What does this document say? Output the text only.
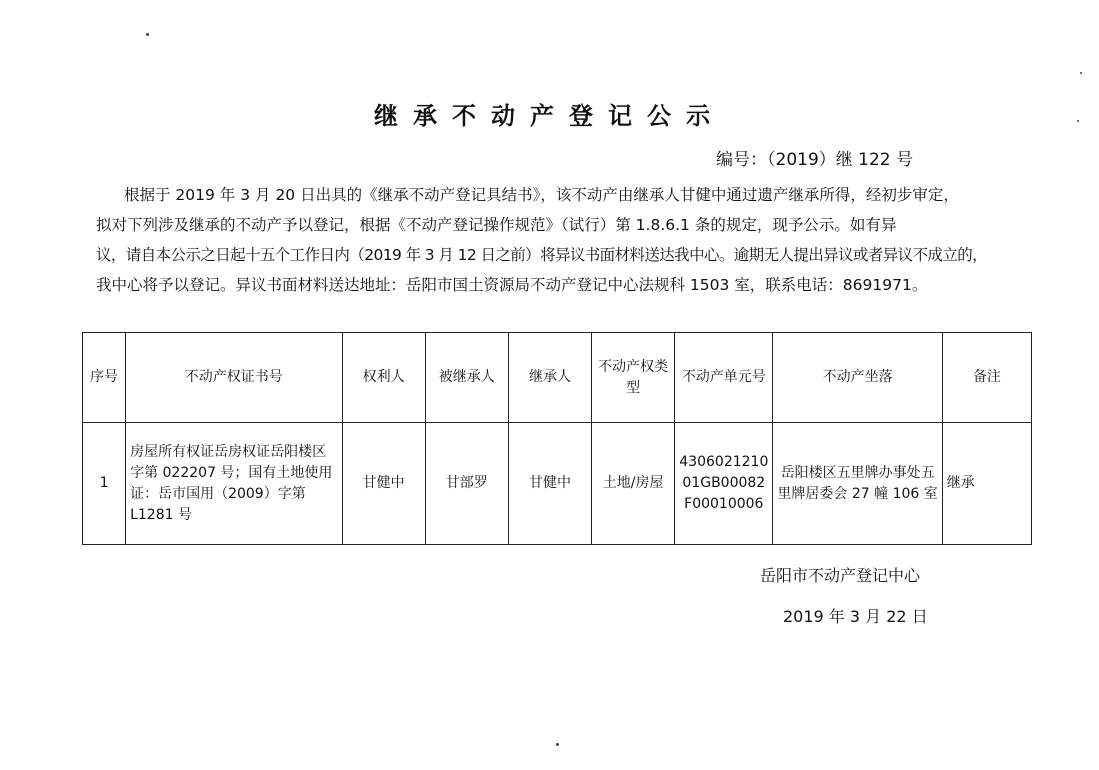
继承不动产登记公示
编号：（2019）继 122 号
根据于 2019 年 3 月 20 日出具的《继承不动产登记具结书》，该不动产由继承人甘健中通过遗产继承所得，经初步审定，
拟对下列涉及继承的不动产予以登记，根据《不动产登记操作规范》（试行）第 1.8.6.1 条的规定，现予公示。如有异
议，请自本公示之日起十五个工作日内（2019 年 3 月 12 日之前）将异议书面材料送达我中心。逾期无人提出异议或者异议不成立的，
我中心将予以登记。异议书面材料送达地址：岳阳市国土资源局不动产登记中心法规科 1503 室，联系电话：8691971。
序号	不动产权证书号	权利人	被继承人	继承人	不动产权类型	不动产单元号	不动产坐落	备注
1	房屋所有权证岳房权证岳阳楼区字第 022207 号；国有土地使用证：岳市国用（2009）字第 L1281 号	甘健中	甘部罗	甘健中	土地/房屋	430602121001GB00082F00010006	岳阳楼区五里牌办事处五里牌居委会 27 幢 106 室	继承
岳阳市不动产登记中心
2019 年 3 月 22 日
